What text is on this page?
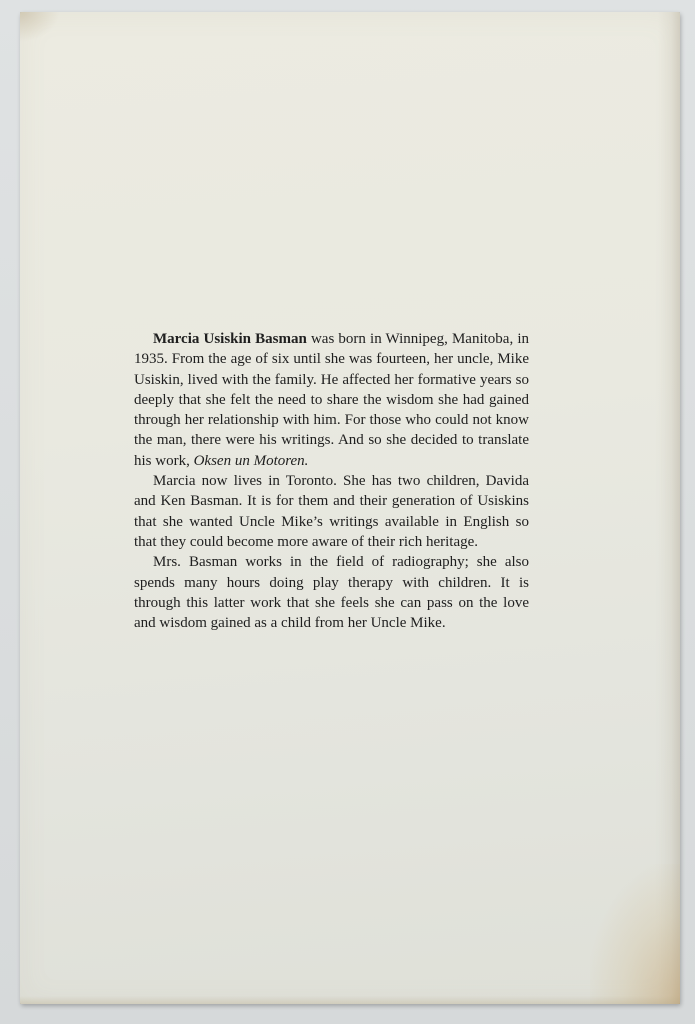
Marcia Usiskin Basman was born in Winnipeg, Manitoba, in 1935. From the age of six until she was fourteen, her uncle, Mike Usiskin, lived with the family. He affected her formative years so deeply that she felt the need to share the wisdom she had gained through her relationship with him. For those who could not know the man, there were his writings. And so she decided to translate his work, Oksen un Motoren.

Marcia now lives in Toronto. She has two children, Davida and Ken Basman. It is for them and their generation of Usiskins that she wanted Uncle Mike’s writings available in English so that they could become more aware of their rich heritage.

Mrs. Basman works in the field of radiography; she also spends many hours doing play therapy with children. It is through this latter work that she feels she can pass on the love and wisdom gained as a child from her Uncle Mike.
